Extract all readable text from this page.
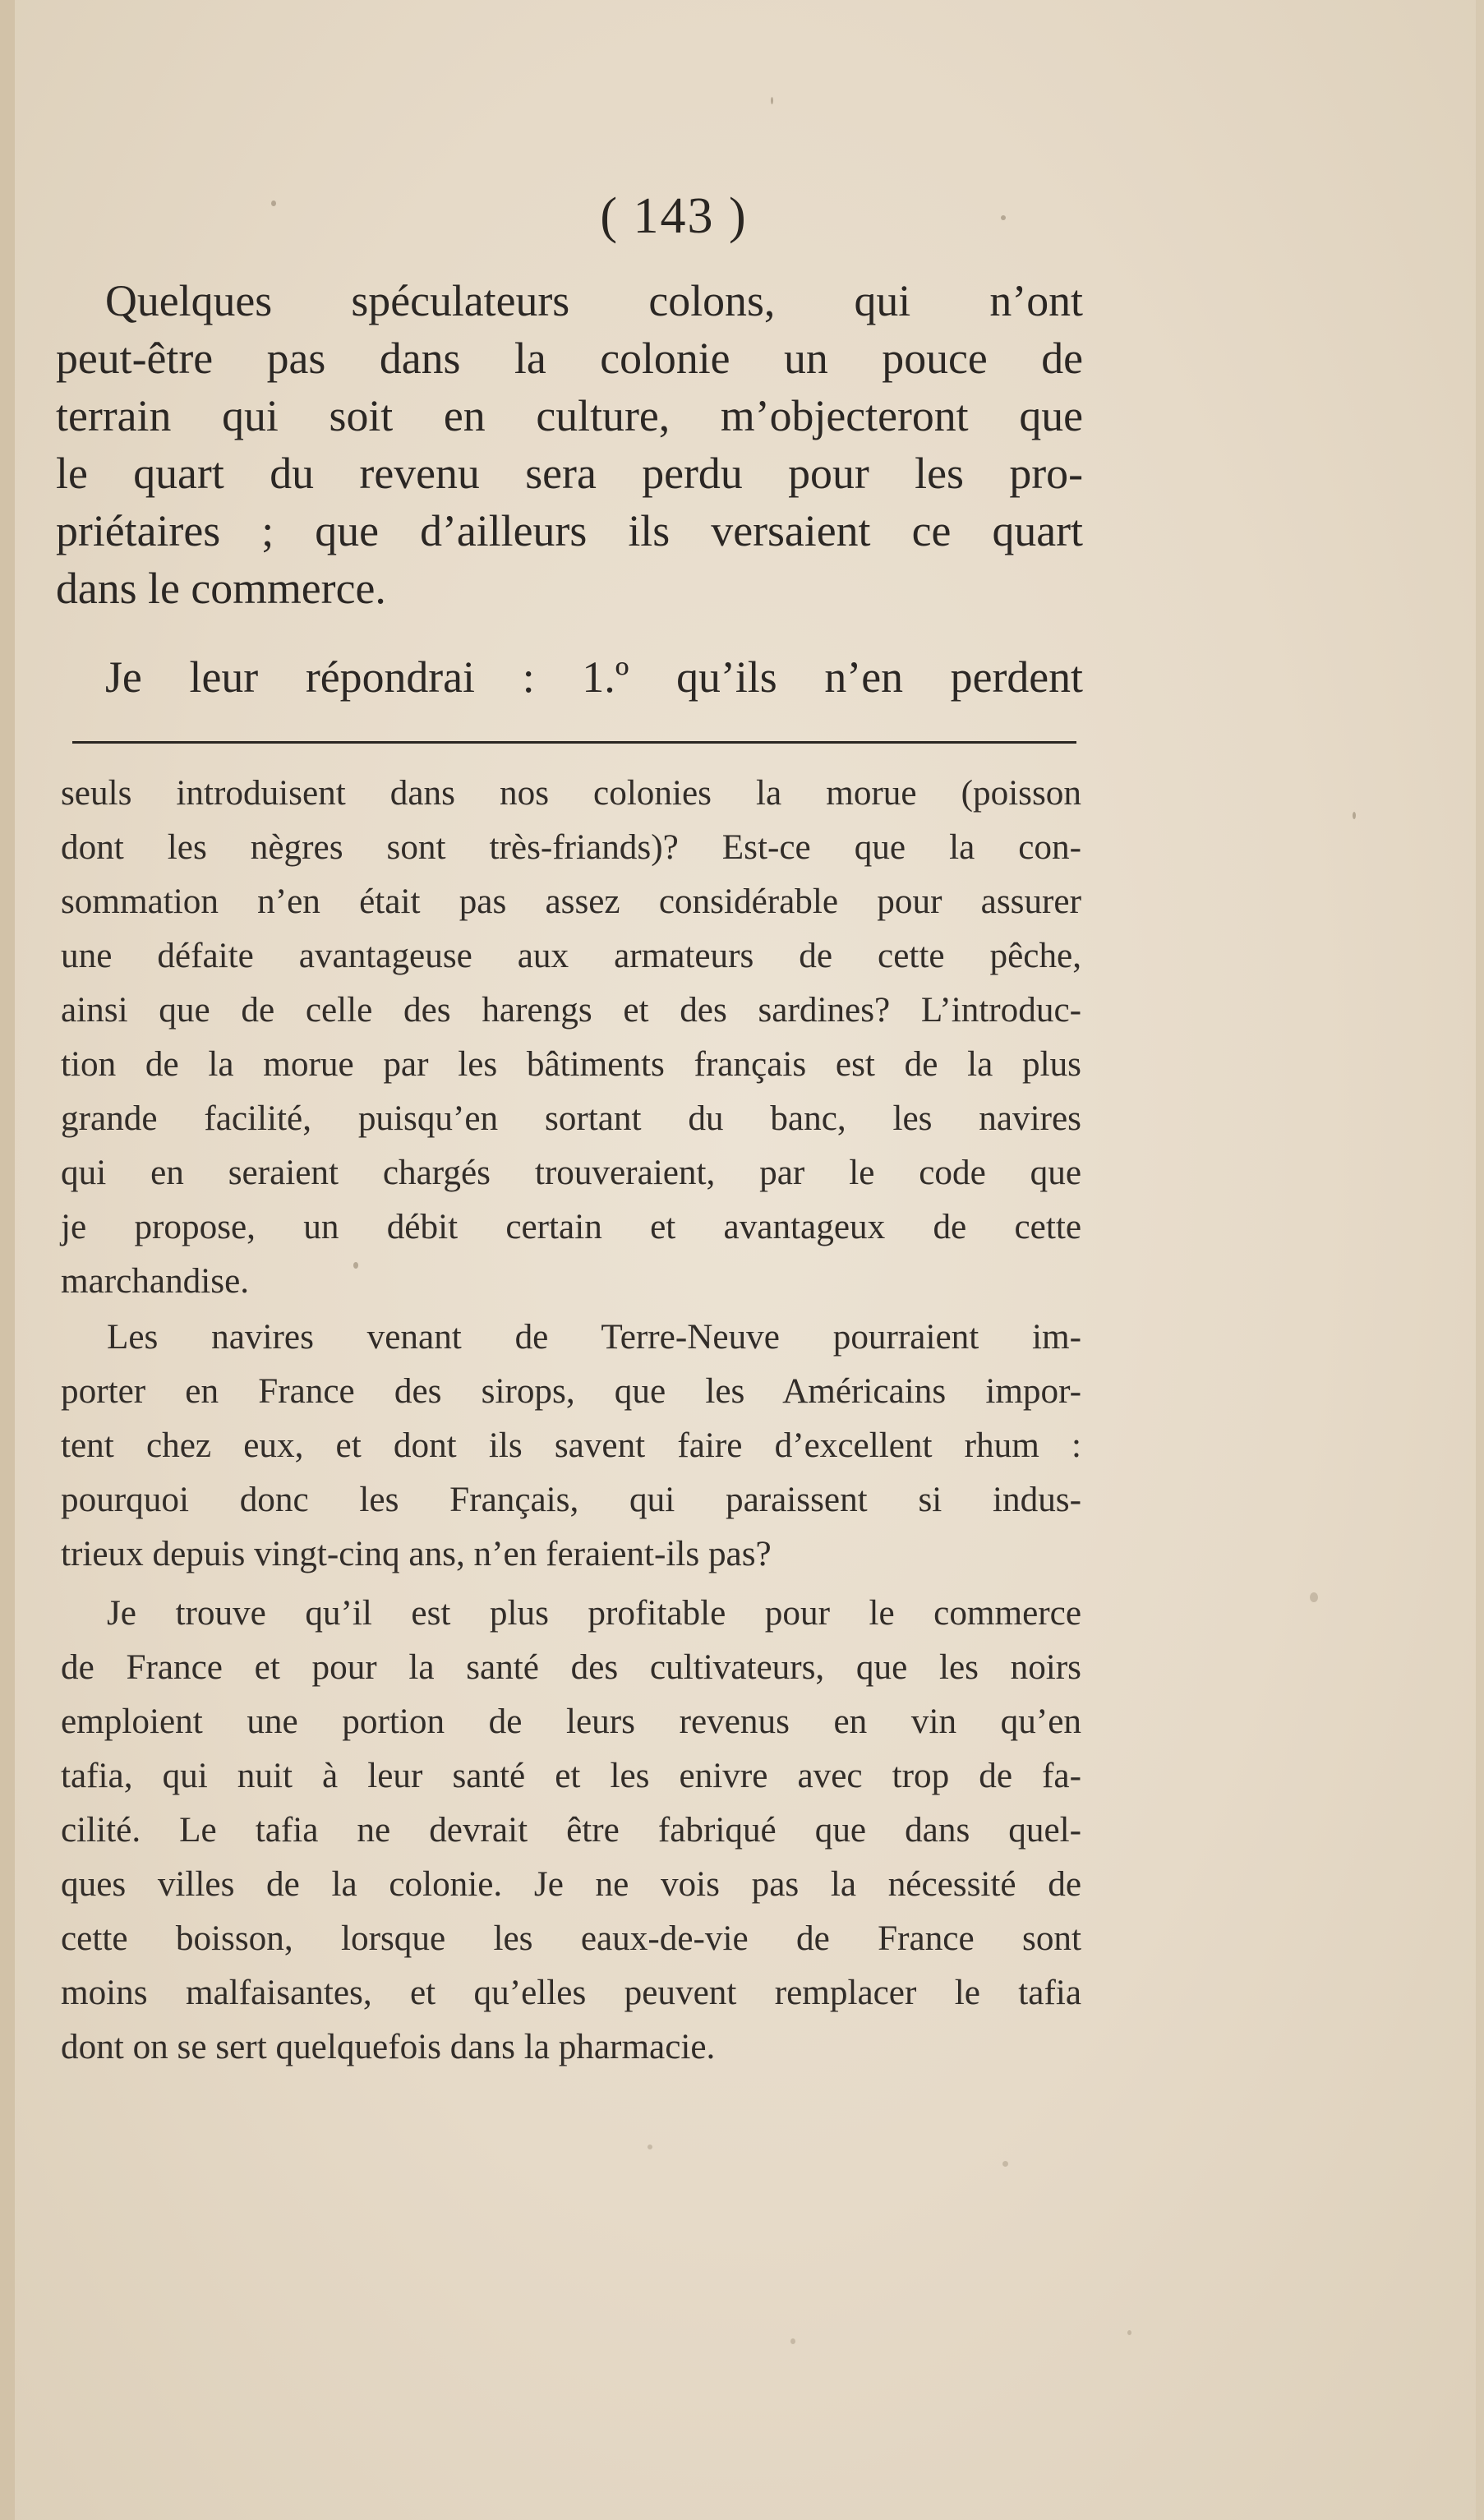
( 143 )
Quelques spéculateurs colons, qui n’ont
peut-être pas dans la colonie un pouce de
terrain qui soit en culture, m’objecteront que
le quart du revenu sera perdu pour les pro-
priétaires ; que d’ailleurs ils versaient ce quart
dans le commerce.
Je leur répondrai : 1.º qu’ils n’en perdent
seuls introduisent dans nos colonies la morue (poisson
dont les nègres sont très-friands)? Est-ce que la con-
sommation n’en était pas assez considérable pour assurer
une défaite avantageuse aux armateurs de cette pêche,
ainsi que de celle des harengs et des sardines? L’introduc-
tion de la morue par les bâtiments français est de la plus
grande facilité, puisqu’en sortant du banc, les navires
qui en seraient chargés trouveraient, par le code que
je propose, un débit certain et avantageux de cette
marchandise.
Les navires venant de Terre-Neuve pourraient im-
porter en France des sirops, que les Américains impor-
tent chez eux, et dont ils savent faire d’excellent rhum :
pourquoi donc les Français, qui paraissent si indus-
trieux depuis vingt-cinq ans, n’en feraient-ils pas?
Je trouve qu’il est plus profitable pour le commerce
de France et pour la santé des cultivateurs, que les noirs
emploient une portion de leurs revenus en vin qu’en
tafia, qui nuit à leur santé et les enivre avec trop de fa-
cilité. Le tafia ne devrait être fabriqué que dans quel-
ques villes de la colonie. Je ne vois pas la nécessité de
cette boisson, lorsque les eaux-de-vie de France sont
moins malfaisantes, et qu’elles peuvent remplacer le tafia
dont on se sert quelquefois dans la pharmacie.
